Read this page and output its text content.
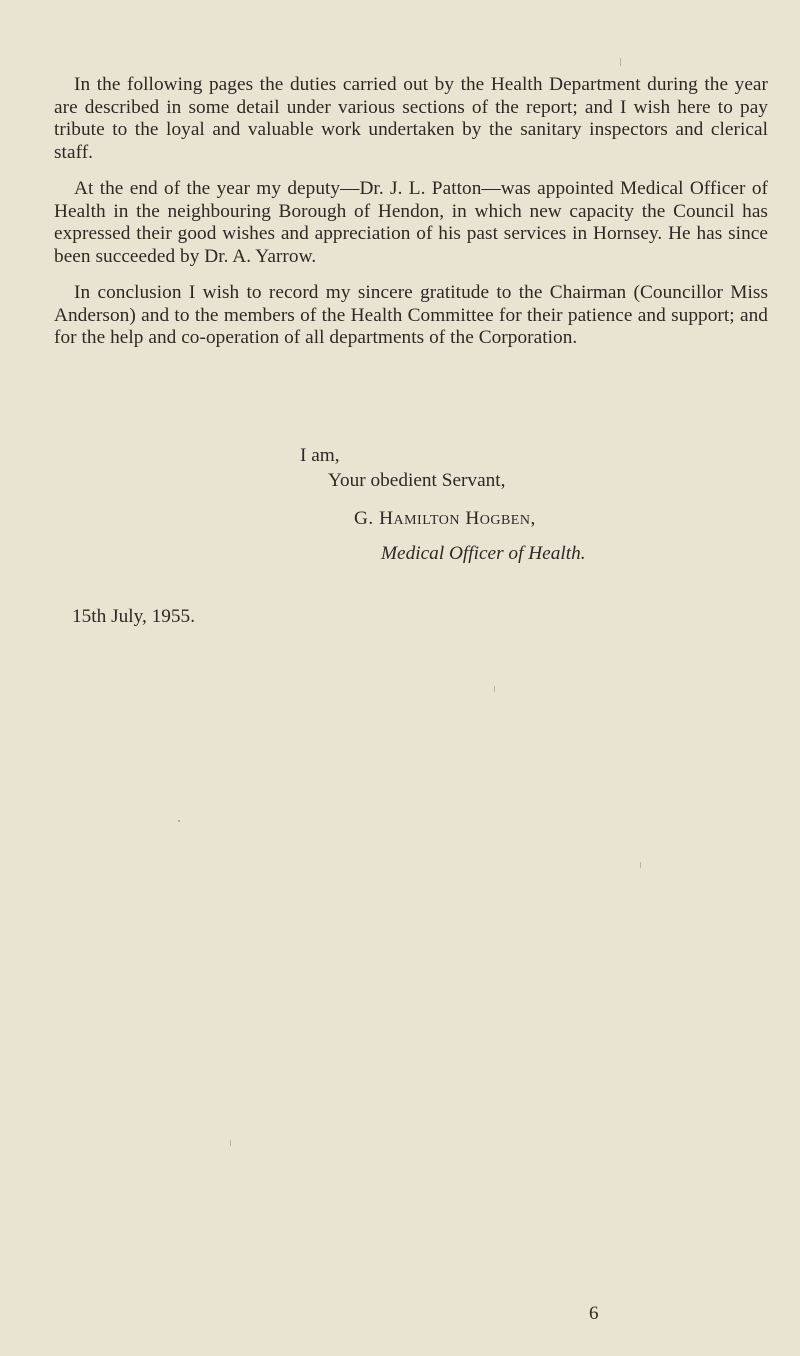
In the following pages the duties carried out by the Health Department during the year are described in some detail under various sections of the report; and I wish here to pay tribute to the loyal and valuable work undertaken by the sanitary inspectors and clerical staff.

At the end of the year my deputy—Dr. J. L. Patton—was appointed Medical Officer of Health in the neighbouring Borough of Hendon, in which new capacity the Council has expressed their good wishes and appreciation of his past services in Hornsey. He has since been succeeded by Dr. A. Yarrow.

In conclusion I wish to record my sincere gratitude to the Chairman (Councillor Miss Anderson) and to the members of the Health Committee for their patience and support; and for the help and co-operation of all departments of the Corporation.

I am,
Your obedient Servant,
G. Hamilton Hogben,
Medical Officer of Health.
15th July, 1955.
6
